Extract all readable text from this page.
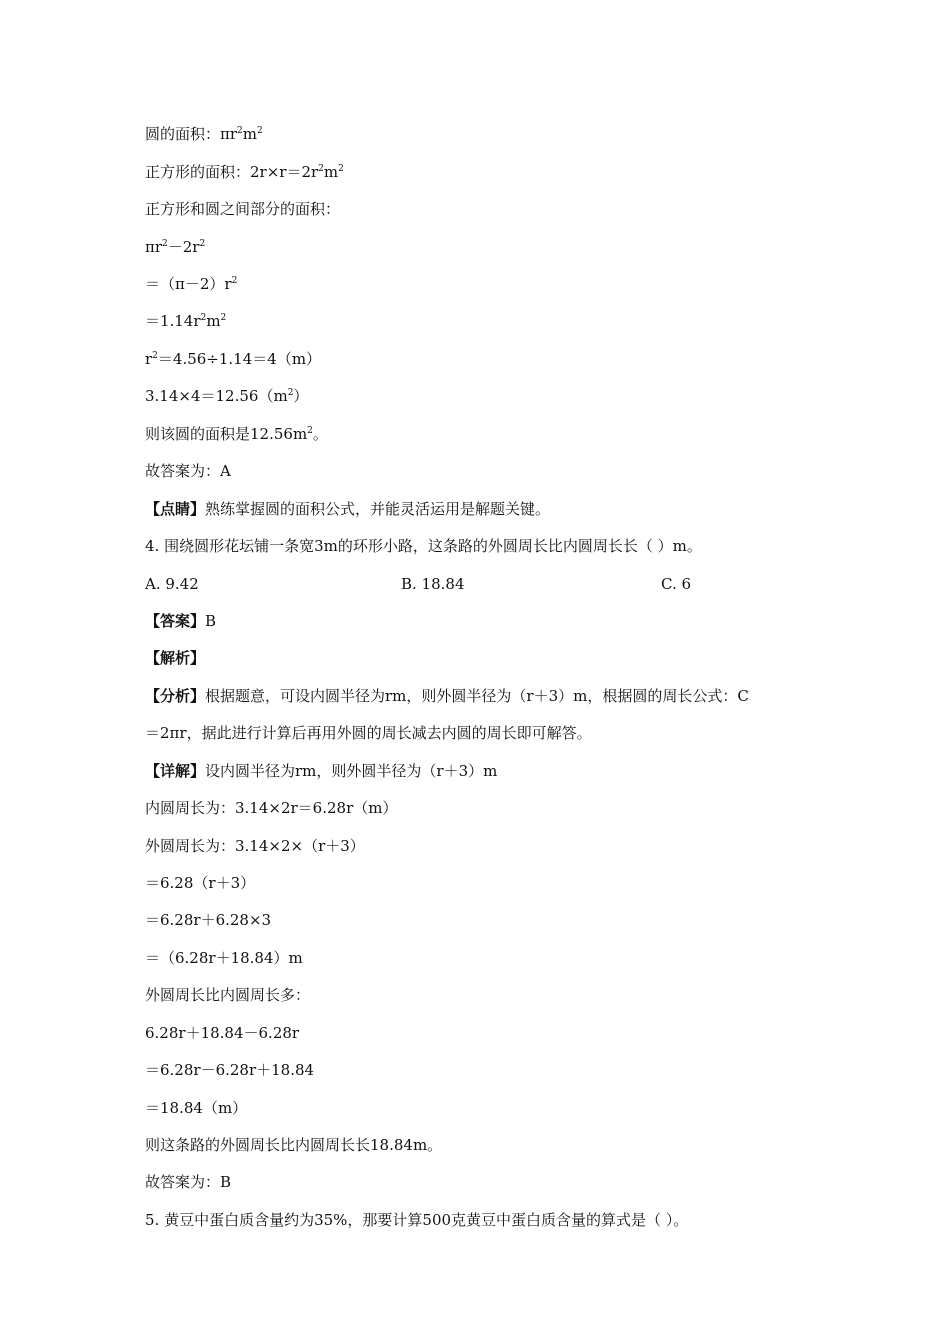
圆的面积：$\pi r^2m^2$
正方形的面积：$2r\times r=2r^2m^2$
正方形和圆之间部分的面积：
$\pi r^2-2r^2$
$=(\pi-2)r^2$
$=1.14r^2m^2$
$r^2=4.56\div 1.14=4(m)$
$3.14\times 4=12.56(m^2)$
则该圆的面积是$12.56m^2$。
故答案为：A
【点睛】熟练掌握圆的面积公式，并能灵活运用是解题关键。
4. 围绕圆形花坛铺一条宽3m的环形小路，这条路的外圆周长比内圆周长长（ ）m。
A. 9.42	B. 18.84	C. 6
【答案】B
【解析】
【分析】根据题意，可设内圆半径为rm，则外圆半径为（r＋3）m，根据圆的周长公式：C
＝2πr，据此进行计算后再用外圆的周长减去内圆的周长即可解答。
【详解】设内圆半径为rm，则外圆半径为（r＋3）m
内圆周长为：3.14×2r＝6.28r（m）
外圆周长为：3.14×2×（r＋3）
＝6.28（r＋3）
＝6.28r＋6.28×3
＝（6.28r＋18.84）m
外圆周长比内圆周长多：
6.28r＋18.84－6.28r
＝6.28r－6.28r＋18.84
＝18.84（m）
则这条路的外圆周长比内圆周长长18.84m。
故答案为：B
5. 黄豆中蛋白质含量约为35%，那要计算500克黄豆中蛋白质含量的算式是（ ）。
